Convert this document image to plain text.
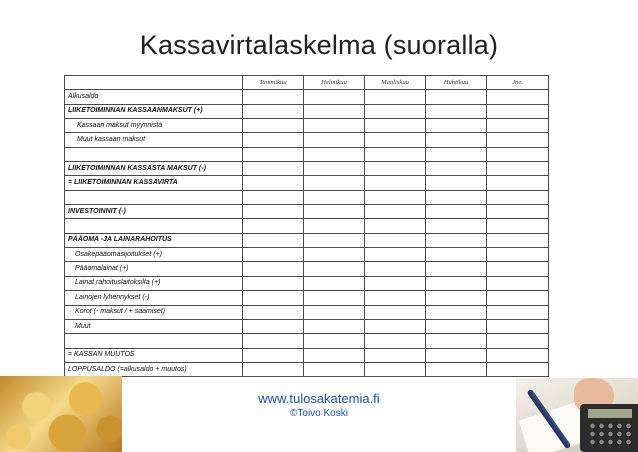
Kassavirtalaskelma (suoralla)
	Tammikuu	Helmikuu	Maaliskuu	Huhtikuu	Jne.
Alkusaldo					
LIIKETOIMINNAN KASSAANMAKSUT (+)					
Kassaan maksut myynnistä					
Muut kassaan maksut					

LIIKETOIMINNAN KASSASTA MAKSUT (-)					
= LIIKETOIMINNAN KASSAVIRTA					

INVESTOINNIT (-)					

PÄÄOMA -JA LAINARAHOITUS					
Osakepääomasijoitukset (+)					
Pääomalainat (+)					
Lainat rahoituslaitoksilta (+)					
Lainojen lyhennykset (-)					
Korot (- maksut / + saamiset)					
Muut					

= KASSAN MUUTOS					
LOPPUSALDO (=alkusaldo + muutos)					
www.tulosakatemia.fi
©Toivo Koski
